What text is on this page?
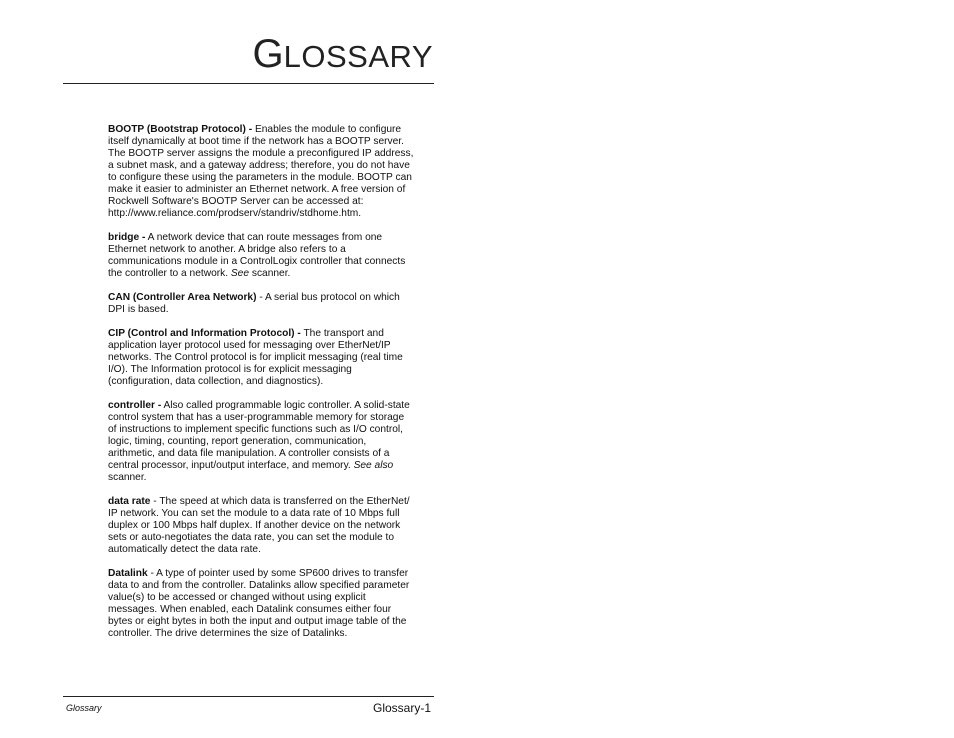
GLOSSARY
BOOTP (Bootstrap Protocol) - Enables the module to configure
itself dynamically at boot time if the network has a BOOTP server.
The BOOTP server assigns the module a preconfigured IP address,
a subnet mask, and a gateway address; therefore, you do not have
to configure these using the parameters in the module. BOOTP can
make it easier to administer an Ethernet network. A free version of
Rockwell Software's BOOTP Server can be accessed at:
http://www.reliance.com/prodserv/standriv/stdhome.htm.
bridge - A network device that can route messages from one
Ethernet network to another. A bridge also refers to a
communications module in a ControlLogix controller that connects
the controller to a network. See scanner.
CAN (Controller Area Network) - A serial bus protocol on which
DPI is based.
CIP (Control and Information Protocol) - The transport and
application layer protocol used for messaging over EtherNet/IP
networks. The Control protocol is for implicit messaging (real time
I/O). The Information protocol is for explicit messaging
(configuration, data collection, and diagnostics).
controller - Also called programmable logic controller. A solid-state
control system that has a user-programmable memory for storage
of instructions to implement specific functions such as I/O control,
logic, timing, counting, report generation, communication,
arithmetic, and data file manipulation. A controller consists of a
central processor, input/output interface, and memory. See also
scanner.
data rate - The speed at which data is transferred on the EtherNet/
IP network. You can set the module to a data rate of 10 Mbps full
duplex or 100 Mbps half duplex. If another device on the network
sets or auto-negotiates the data rate, you can set the module to
automatically detect the data rate.
Datalink - A type of pointer used by some SP600 drives to transfer
data to and from the controller. Datalinks allow specified parameter
value(s) to be accessed or changed without using explicit
messages. When enabled, each Datalink consumes either four
bytes or eight bytes in both the input and output image table of the
controller. The drive determines the size of Datalinks.
Glossary	Glossary-1
